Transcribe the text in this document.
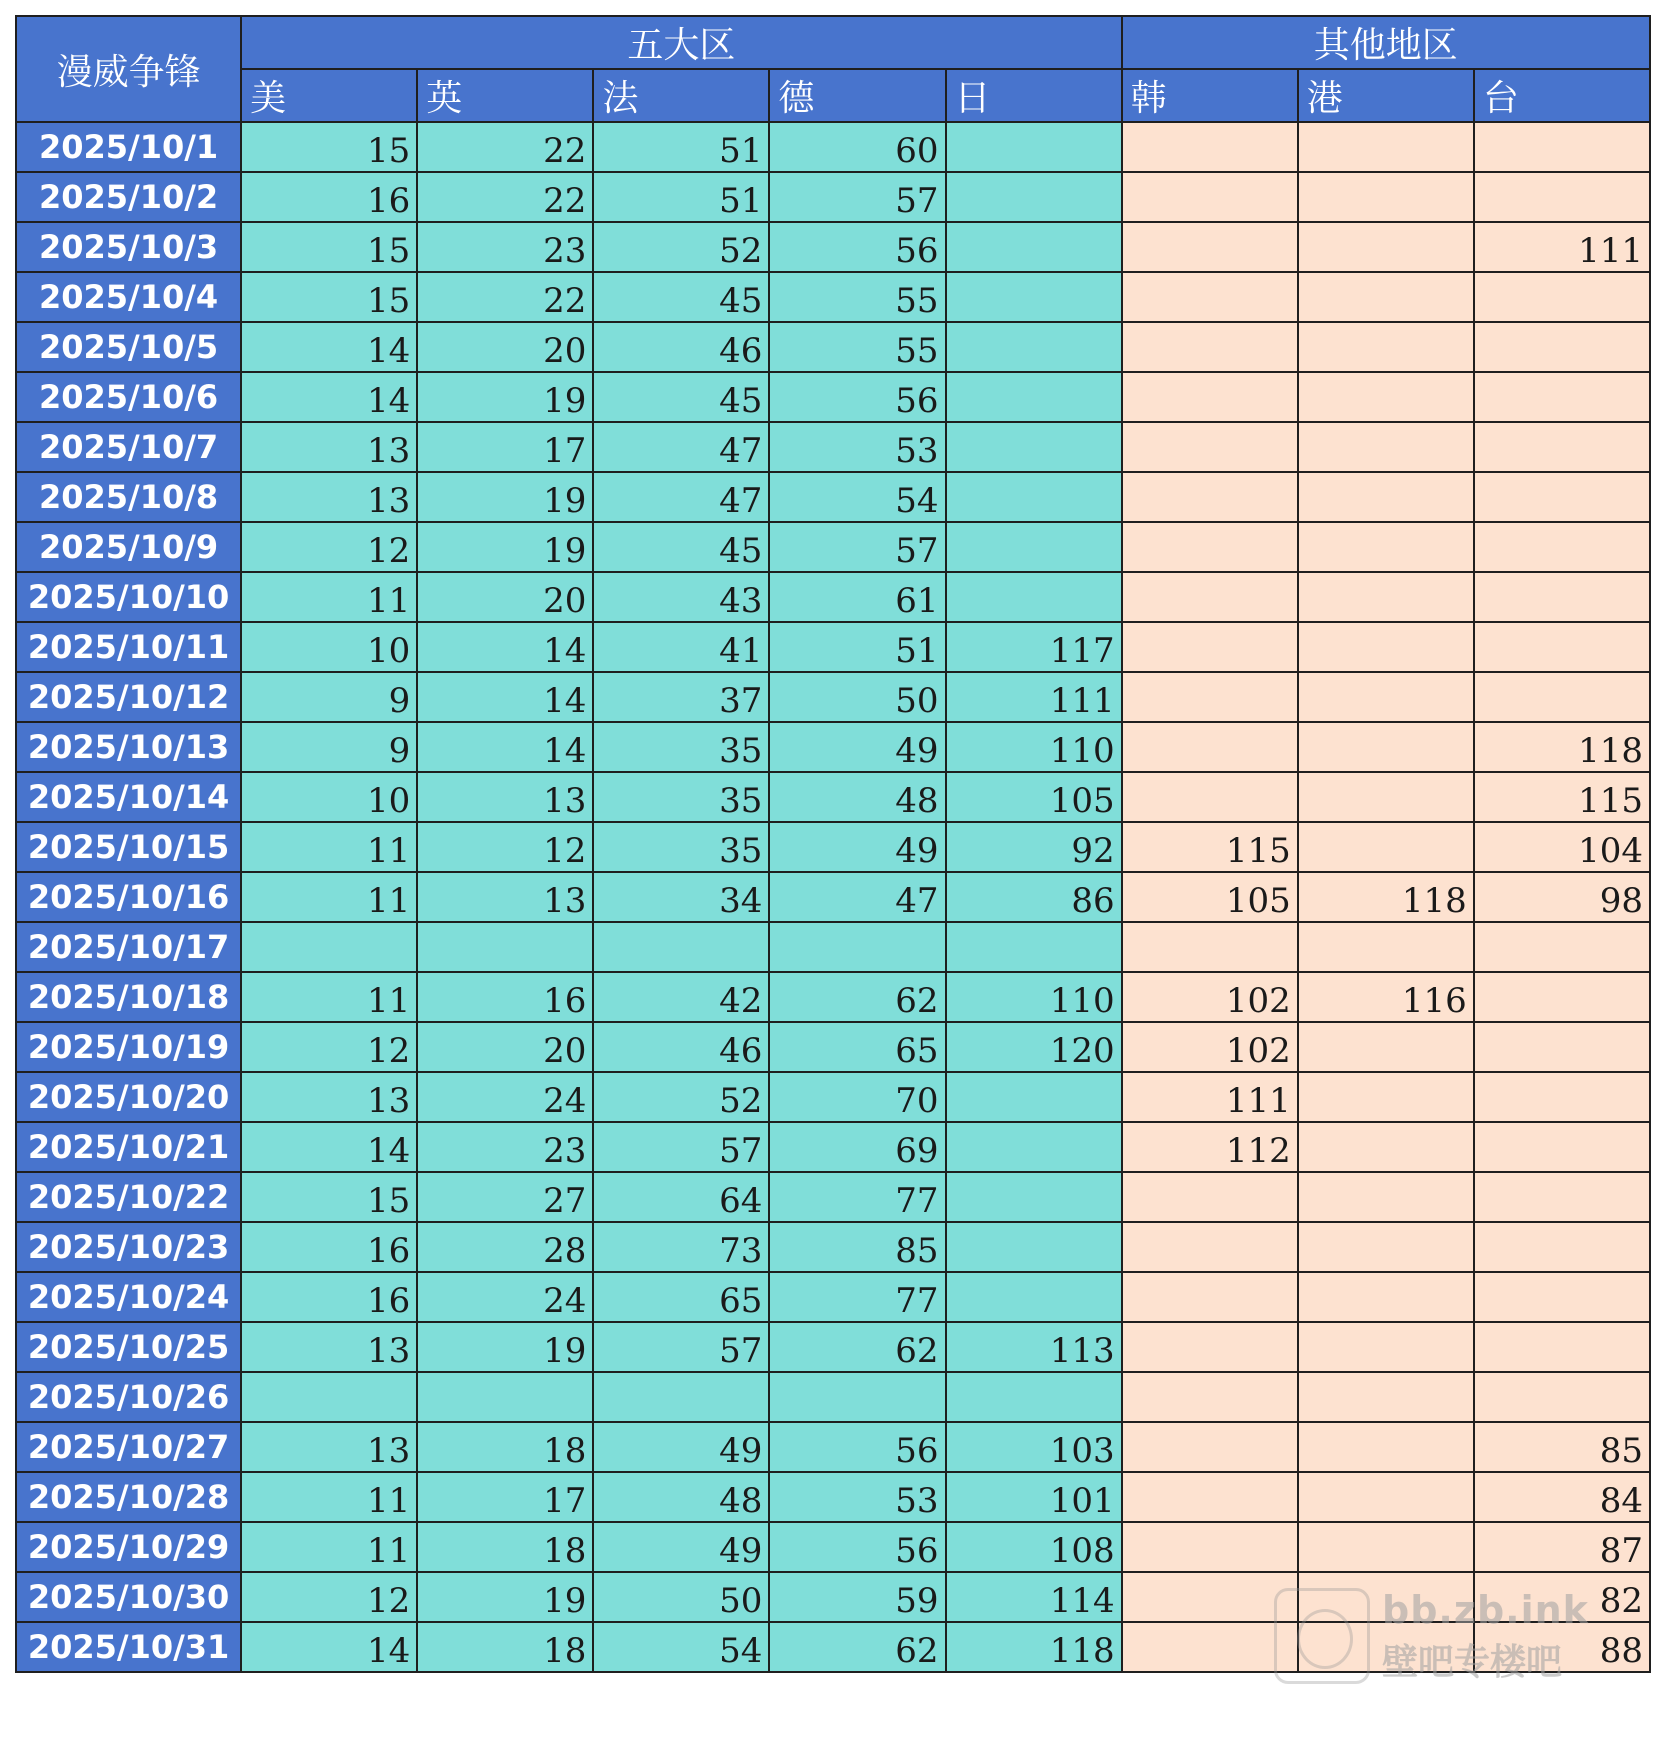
漫威争锋	五大区					其他地区		
	美	英	法	德	日	韩	港	台
2025/10/1	15	22	51	60				
2025/10/2	16	22	51	57				
2025/10/3	15	23	52	56				111
2025/10/4	15	22	45	55				
2025/10/5	14	20	46	55				
2025/10/6	14	19	45	56				
2025/10/7	13	17	47	53				
2025/10/8	13	19	47	54				
2025/10/9	12	19	45	57				
2025/10/10	11	20	43	61				
2025/10/11	10	14	41	51	117			
2025/10/12	9	14	37	50	111			
2025/10/13	9	14	35	49	110			118
2025/10/14	10	13	35	48	105			115
2025/10/15	11	12	35	49	92	115		104
2025/10/16	11	13	34	47	86	105	118	98
2025/10/17								
2025/10/18	11	16	42	62	110	102	116	
2025/10/19	12	20	46	65	120	102		
2025/10/20	13	24	52	70		111		
2025/10/21	14	23	57	69		112		
2025/10/22	15	27	64	77				
2025/10/23	16	28	73	85				
2025/10/24	16	24	65	77				
2025/10/25	13	19	57	62	113			
2025/10/26								
2025/10/27	13	18	49	56	103			85
2025/10/28	11	17	48	53	101			84
2025/10/29	11	18	49	56	108			87
2025/10/30	12	19	50	59	114			82
2025/10/31	14	18	54	62	118			88
bb.zb.ink
壁吧专楼吧
